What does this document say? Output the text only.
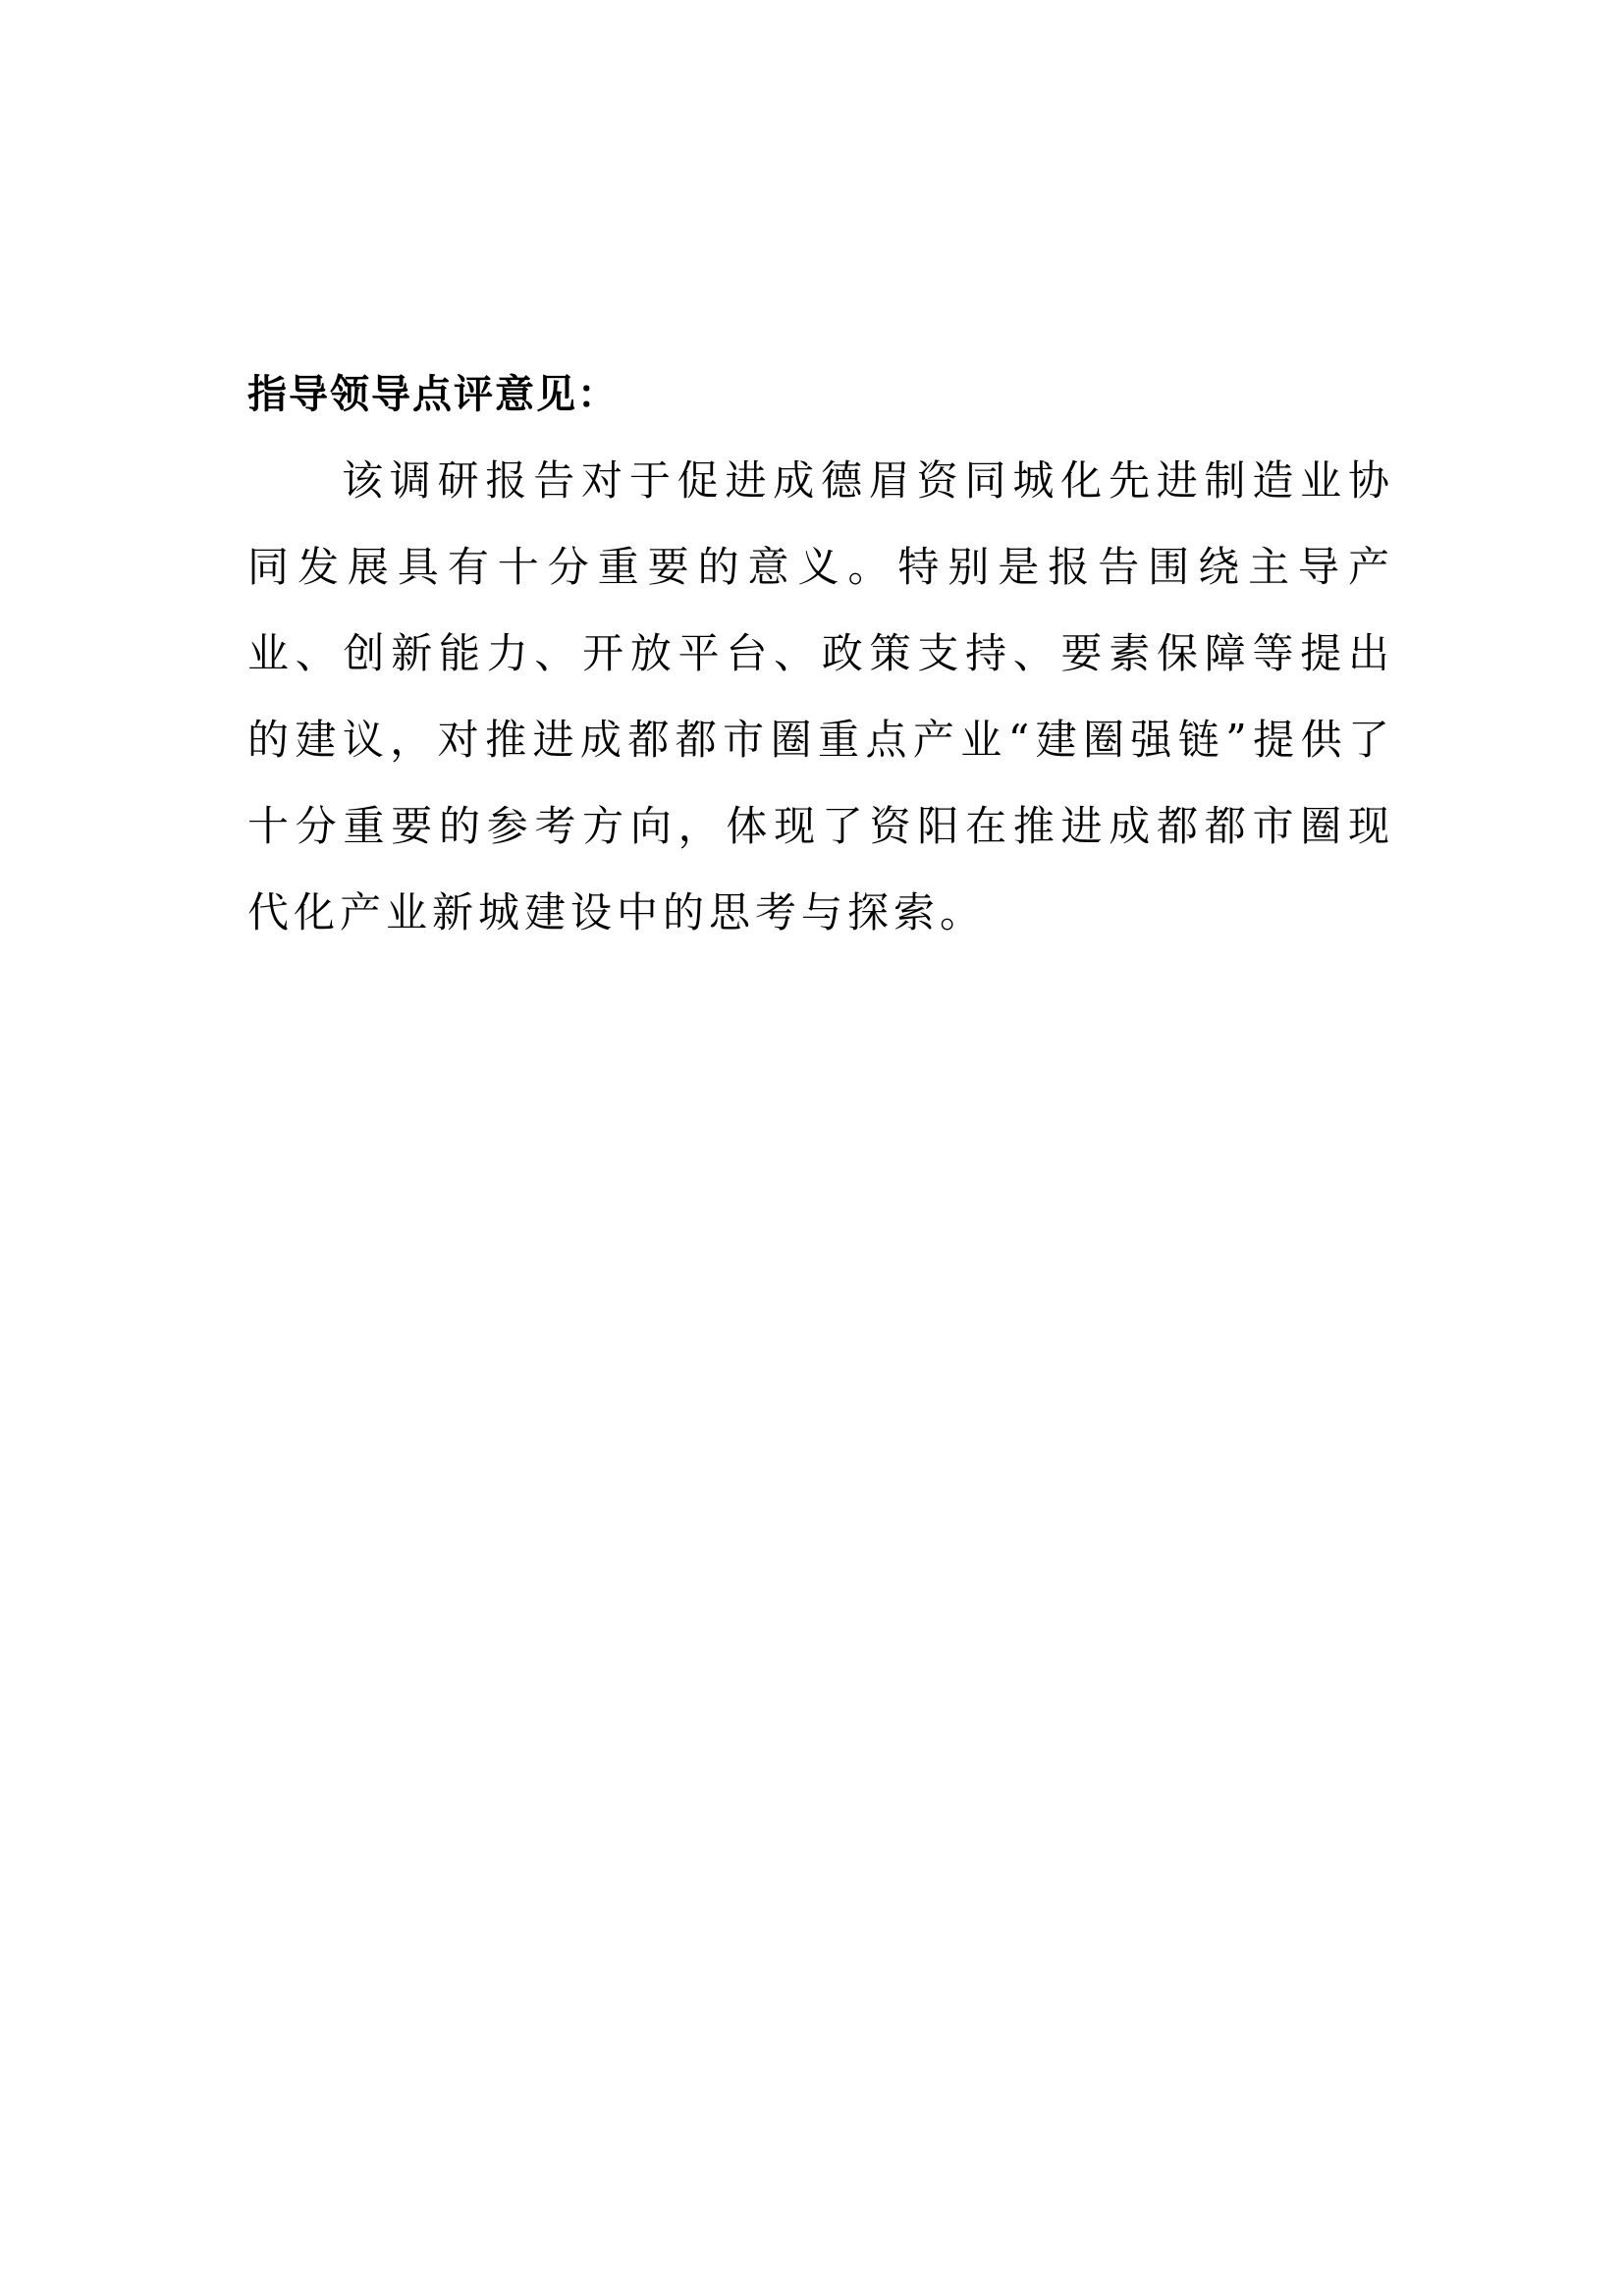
指导领导点评意见：

该调研报告对于促进成德眉资同城化先进制造业协同发展具有十分重要的意义。特别是报告围绕主导产业、创新能力、开放平台、政策支持、要素保障等提出的建议，对推进成都都市圈重点产业“建圈强链”提供了十分重要的参考方向，体现了资阳在推进成都都市圈现代化产业新城建设中的思考与探索。
